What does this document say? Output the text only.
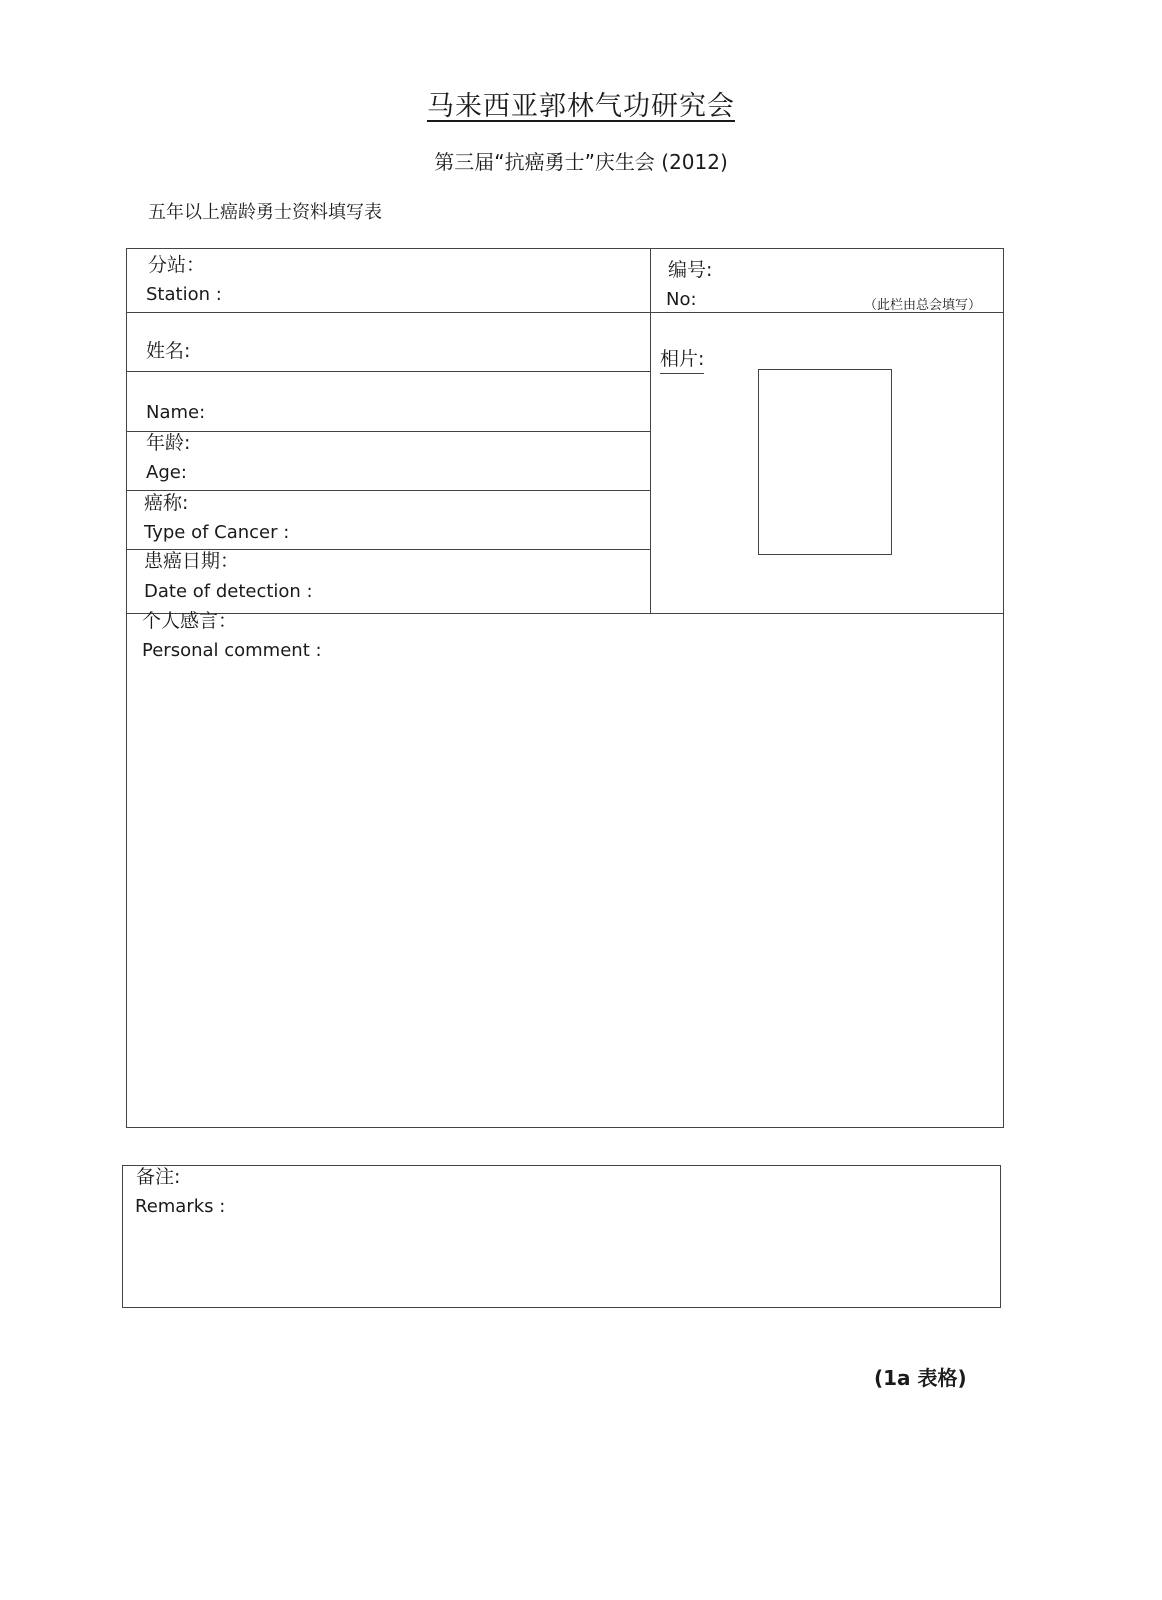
马来西亚郭林气功研究会
第三届“抗癌勇士”庆生会 (2012)
五年以上癌龄勇士资料填写表
分站：
Station :
编号:
No:	（此栏由总会填写）
姓名:
Name:
相片:
年龄:
Age:
癌称:
Type of Cancer :
患癌日期：
Date of detection :
个人感言：
Personal comment :
备注:
Remarks :
(1a 表格)
